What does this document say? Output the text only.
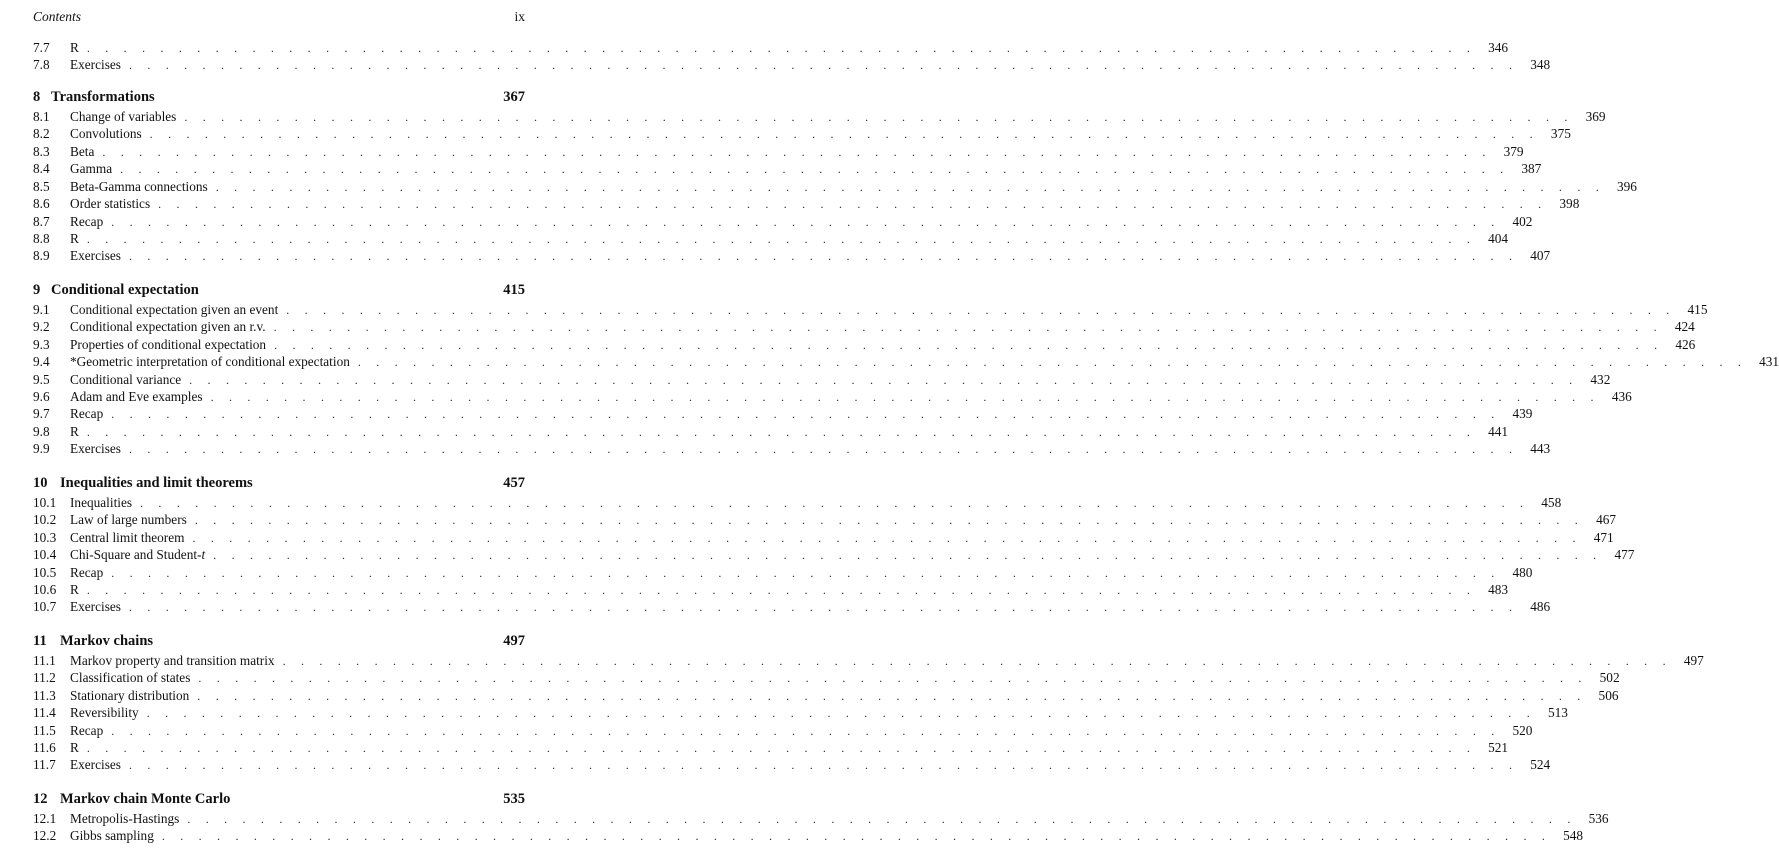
Contents	ix
7.7	R . . . . . . . . . . . . . . . . . . . . . . . . . . . . . . . . . . . . . . . . . . . . . . . . . . . . . . . . . . . . . . . . . . . . . . . . . . . . 346
7.8	Exercises . . . . . . . . . . . . . . . . . . . . . . . . . . . . . . . . . . . . . . . . . . . . . . . . . . . . . . . . . . . . . . . . . . . . . . . . . . . . 348
8 Transformations	367
8.1	Change of variables . . . . . . . . . . . . . . . . . . . . . . . . . . . . . . . . . . . . . . . . . . . . . . . . . . . . . . . . . . . . . . . . . . . . . . . . . . . . 369
8.2	Convolutions . . . . . . . . . . . . . . . . . . . . . . . . . . . . . . . . . . . . . . . . . . . . . . . . . . . . . . . . . . . . . . . . . . . . . . . . . . . . 375
8.3	Beta . . . . . . . . . . . . . . . . . . . . . . . . . . . . . . . . . . . . . . . . . . . . . . . . . . . . . . . . . . . . . . . . . . . . . . . . . . . . 379
8.4	Gamma . . . . . . . . . . . . . . . . . . . . . . . . . . . . . . . . . . . . . . . . . . . . . . . . . . . . . . . . . . . . . . . . . . . . . . . . . . . . 387
8.5	Beta-Gamma connections . . . . . . . . . . . . . . . . . . . . . . . . . . . . . . . . . . . . . . . . . . . . . . . . . . . . . . . . . . . . . . . . . . . . . . . . . . . . 396
8.6	Order statistics . . . . . . . . . . . . . . . . . . . . . . . . . . . . . . . . . . . . . . . . . . . . . . . . . . . . . . . . . . . . . . . . . . . . . . . . . . . . 398
8.7	Recap . . . . . . . . . . . . . . . . . . . . . . . . . . . . . . . . . . . . . . . . . . . . . . . . . . . . . . . . . . . . . . . . . . . . . . . . . . . . 402
8.8	R . . . . . . . . . . . . . . . . . . . . . . . . . . . . . . . . . . . . . . . . . . . . . . . . . . . . . . . . . . . . . . . . . . . . . . . . . . . . 404
8.9	Exercises . . . . . . . . . . . . . . . . . . . . . . . . . . . . . . . . . . . . . . . . . . . . . . . . . . . . . . . . . . . . . . . . . . . . . . . . . . . . 407
9 Conditional expectation	415
9.1	Conditional expectation given an event . . . . . . . . . . . . . . . . . . . . . . . . . . . . . . . . . . . . . . . . . . . . . . . . . . . . . . . . . . . . . . . . . . . . . . . . . . . . 415
9.2	Conditional expectation given an r.v. . . . . . . . . . . . . . . . . . . . . . . . . . . . . . . . . . . . . . . . . . . . . . . . . . . . . . . . . . . . . . . . . . . . . . . . . . . . . 424
9.3	Properties of conditional expectation . . . . . . . . . . . . . . . . . . . . . . . . . . . . . . . . . . . . . . . . . . . . . . . . . . . . . . . . . . . . . . . . . . . . . . . . . . . . 426
9.4	*Geometric interpretation of conditional expectation . . . . . . . . . . . . . . . . . . . . . . . . . . . . . . . . . . . . . . . . . . . . . . . . . . . . . . . . . . . . . . . . . . . . . . . . . . . . 431
9.5	Conditional variance . . . . . . . . . . . . . . . . . . . . . . . . . . . . . . . . . . . . . . . . . . . . . . . . . . . . . . . . . . . . . . . . . . . . . . . . . . . . 432
9.6	Adam and Eve examples . . . . . . . . . . . . . . . . . . . . . . . . . . . . . . . . . . . . . . . . . . . . . . . . . . . . . . . . . . . . . . . . . . . . . . . . . . . . 436
9.7	Recap . . . . . . . . . . . . . . . . . . . . . . . . . . . . . . . . . . . . . . . . . . . . . . . . . . . . . . . . . . . . . . . . . . . . . . . . . . . . 439
9.8	R . . . . . . . . . . . . . . . . . . . . . . . . . . . . . . . . . . . . . . . . . . . . . . . . . . . . . . . . . . . . . . . . . . . . . . . . . . . . 441
9.9	Exercises . . . . . . . . . . . . . . . . . . . . . . . . . . . . . . . . . . . . . . . . . . . . . . . . . . . . . . . . . . . . . . . . . . . . . . . . . . . . 443
10 Inequalities and limit theorems	457
10.1	Inequalities . . . . . . . . . . . . . . . . . . . . . . . . . . . . . . . . . . . . . . . . . . . . . . . . . . . . . . . . . . . . . . . . . . . . . . . . . . . . 458
10.2	Law of large numbers . . . . . . . . . . . . . . . . . . . . . . . . . . . . . . . . . . . . . . . . . . . . . . . . . . . . . . . . . . . . . . . . . . . . . . . . . . . . 467
10.3	Central limit theorem . . . . . . . . . . . . . . . . . . . . . . . . . . . . . . . . . . . . . . . . . . . . . . . . . . . . . . . . . . . . . . . . . . . . . . . . . . . . 471
10.4	Chi-Square and Student-t . . . . . . . . . . . . . . . . . . . . . . . . . . . . . . . . . . . . . . . . . . . . . . . . . . . . . . . . . . . . . . . . . . . . . . . . . . . . 477
10.5	Recap . . . . . . . . . . . . . . . . . . . . . . . . . . . . . . . . . . . . . . . . . . . . . . . . . . . . . . . . . . . . . . . . . . . . . . . . . . . . 480
10.6	R . . . . . . . . . . . . . . . . . . . . . . . . . . . . . . . . . . . . . . . . . . . . . . . . . . . . . . . . . . . . . . . . . . . . . . . . . . . . 483
10.7	Exercises . . . . . . . . . . . . . . . . . . . . . . . . . . . . . . . . . . . . . . . . . . . . . . . . . . . . . . . . . . . . . . . . . . . . . . . . . . . . 486
11 Markov chains	497
11.1	Markov property and transition matrix . . . . . . . . . . . . . . . . . . . . . . . . . . . . . . . . . . . . . . . . . . . . . . . . . . . . . . . . . . . . . . . . . . . . . . . . . . . . 497
11.2	Classification of states . . . . . . . . . . . . . . . . . . . . . . . . . . . . . . . . . . . . . . . . . . . . . . . . . . . . . . . . . . . . . . . . . . . . . . . . . . . . 502
11.3	Stationary distribution . . . . . . . . . . . . . . . . . . . . . . . . . . . . . . . . . . . . . . . . . . . . . . . . . . . . . . . . . . . . . . . . . . . . . . . . . . . . 506
11.4	Reversibility . . . . . . . . . . . . . . . . . . . . . . . . . . . . . . . . . . . . . . . . . . . . . . . . . . . . . . . . . . . . . . . . . . . . . . . . . . . . 513
11.5	Recap . . . . . . . . . . . . . . . . . . . . . . . . . . . . . . . . . . . . . . . . . . . . . . . . . . . . . . . . . . . . . . . . . . . . . . . . . . . . 520
11.6	R . . . . . . . . . . . . . . . . . . . . . . . . . . . . . . . . . . . . . . . . . . . . . . . . . . . . . . . . . . . . . . . . . . . . . . . . . . . . 521
11.7	Exercises . . . . . . . . . . . . . . . . . . . . . . . . . . . . . . . . . . . . . . . . . . . . . . . . . . . . . . . . . . . . . . . . . . . . . . . . . . . . 524
12 Markov chain Monte Carlo	535
12.1	Metropolis-Hastings . . . . . . . . . . . . . . . . . . . . . . . . . . . . . . . . . . . . . . . . . . . . . . . . . . . . . . . . . . . . . . . . . . . . . . . . . . . . 536
12.2	Gibbs sampling . . . . . . . . . . . . . . . . . . . . . . . . . . . . . . . . . . . . . . . . . . . . . . . . . . . . . . . . . . . . . . . . . . . . . . . . . . . . 548
